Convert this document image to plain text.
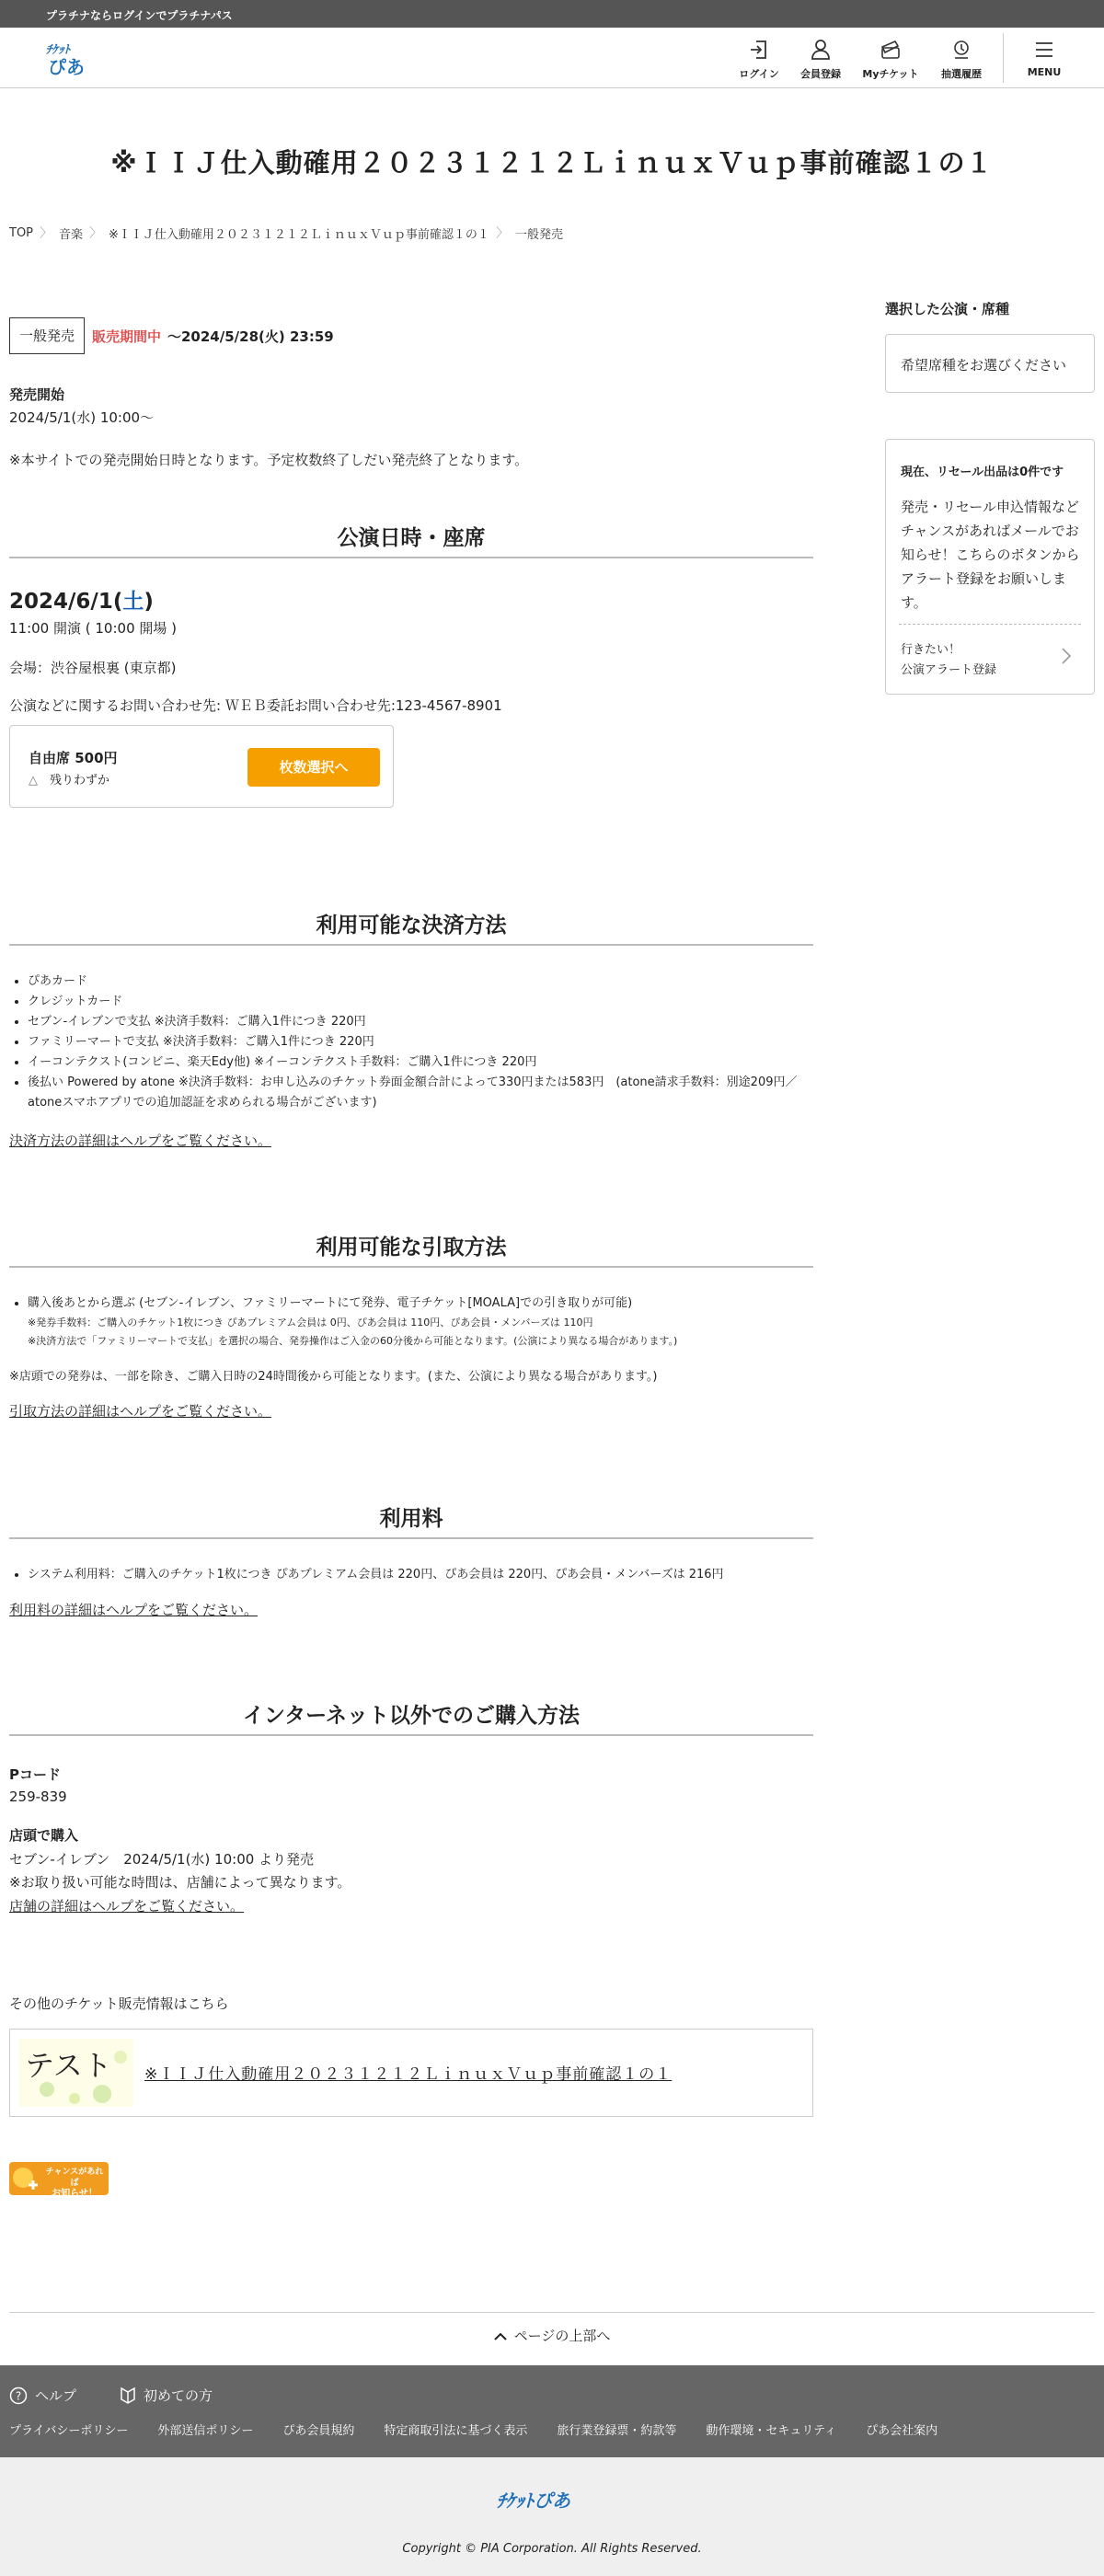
プラチナならログインでプラチナパス
ﾁｹｯﾄ
ぴあ	ログイン	会員登録	Myチケット	抽選履歴	MENU
※ＩＩＪ仕入動確用２０２３１２１２ＬｉｎｕｘＶｕｐ事前確認１の１
TOP 〉 音楽 〉 ※ＩＩＪ仕入動確用２０２３１２１２ＬｉｎｕｘＶｕｐ事前確認１の１ 〉 一般発売
一般発売	販売期間中 〜2024/5/28(火) 23:59
発売開始
2024/5/1(水) 10:00〜
※本サイトでの発売開始日時となります。予定枚数終了しだい発売終了となります。
公演日時・座席
2024/6/1(土)
11:00 開演 ( 10:00 開場 )
会場：渋谷屋根裏 (東京都)
公演などに関するお問い合わせ先: ＷＥＢ委託お問い合わせ先:123-4567-8901
自由席 500円
△　 残りわずか
枚数選択へ
利用可能な決済方法
• ぴあカード
• クレジットカード
• セブン-イレブンで支払 ※決済手数料：ご購入1件につき 220円
• ファミリーマートで支払 ※決済手数料：ご購入1件につき 220円
• イーコンテクスト(コンビニ、楽天Edy他) ※イーコンテクスト手数料：ご購入1件につき 220円
• 後払い Powered by atone ※決済手数料：お申し込みのチケット券面金額合計によって330円または583円　(atone請求手数料：別途209円／atoneスマホアプリでの追加認証を求められる場合がございます)
決済方法の詳細はヘルプをご覧ください。
利用可能な引取方法
• 購入後あとから選ぶ (セブン-イレブン、ファミリーマートにて発券、電子チケット[MOALA]での引き取りが可能)
※発券手数料：ご購入のチケット1枚につき ぴあプレミアム会員は 0円、ぴあ会員は 110円、ぴあ会員・メンバーズは 110円
※決済方法で「ファミリーマートで支払」を選択の場合、発券操作はご入金の60分後から可能となります。(公演により異なる場合があります。)
※店頭での発券は、一部を除き、ご購入日時の24時間後から可能となります。(また、公演により異なる場合があります。)
引取方法の詳細はヘルプをご覧ください。
利用料
• システム利用料：ご購入のチケット1枚につき ぴあプレミアム会員は 220円、ぴあ会員は 220円、ぴあ会員・メンバーズは 216円
利用料の詳細はヘルプをご覧ください。
インターネット以外でのご購入方法
Pコード
259-839
店頭で購入
セブン-イレブン　2024/5/1(水) 10:00 より発売
※お取り扱い可能な時間は、店舗によって異なります。
店舗の詳細はヘルプをご覧ください。
その他のチケット販売情報はこちら
テスト ※ＩＩＪ仕入動確用２０２３１２１２ＬｉｎｕｘＶｕｐ事前確認１の１
チャンスがあれば
お知らせ！
選択した公演・席種
希望席種をお選びください
現在、リセール出品は0件です
発売・リセール申込情報などチャンスがあればメールでお知らせ！こちらのボタンからアラート登録をお願いします。
行きたい！
公演アラート登録
ページの上部へ
? ヘルプ	初めての方
プライバシーポリシー 外部送信ポリシー ぴあ会員規約 特定商取引法に基づく表示 旅行業登録票・約款等 動作環境・セキュリティ ぴあ会社案内
ﾁｹｯﾄぴあ
Copyright © PIA Corporation. All Rights Reserved.
